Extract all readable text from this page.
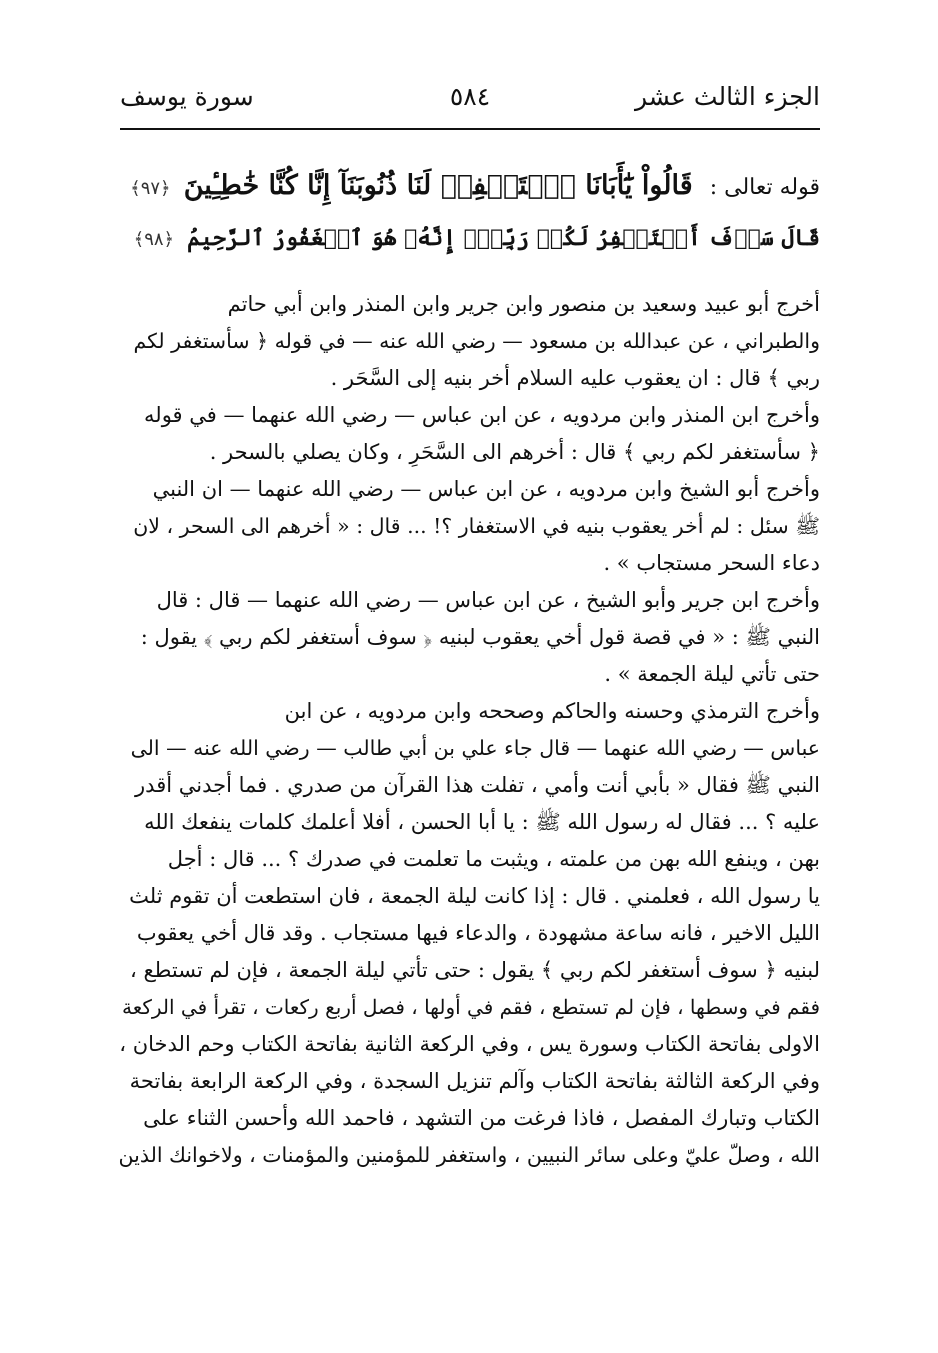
الجزء الثالث عشر
٥٨٤
سورة يوسف
قوله تعالى : قَالُواْ يَٰٓأَبَانَا ٱسۡتَغۡفِرۡ لَنَا ذُنُوبَنَآ إِنَّا كُنَّا خَٰطِـِٔينَ ﴿٩٧﴾
قَالَ سَوۡفَ أَسۡتَغۡفِرُ لَكُمۡ رَبِّيٓۖ إِنَّهُۥ هُوَ ٱلۡغَفُورُ ٱلرَّحِيمُ ﴿٩٨﴾
أخرج أبو عبيد وسعيد بن منصور وابن جرير وابن المنذر وابن أبي حاتم
والطبراني ، عن عبدالله بن مسعود — رضي الله عنه — في قوله ﴿ سأستغفر لكم
ربي ﴾ قال : ان يعقوب عليه السلام أخر بنيه إلى السَّحَر .
وأخرج ابن المنذر وابن مردويه ، عن ابن عباس — رضي الله عنهما — في قوله
﴿ سأستغفر لكم ربي ﴾ قال : أخرهم الى السَّحَرِ ، وكان يصلي بالسحر .
وأخرج أبو الشيخ وابن مردويه ، عن ابن عباس — رضي الله عنهما — ان النبي
ﷺ سئل : لم أخر يعقوب بنيه في الاستغفار ؟! ... قال : « أخرهم الى السحر ، لان
دعاء السحر مستجاب » .
وأخرج ابن جرير وأبو الشيخ ، عن ابن عباس — رضي الله عنهما — قال : قال
النبي ﷺ : « في قصة قول أخي يعقوب لبنيه ﴿ سوف أستغفر لكم ربي ﴾ يقول :
حتى تأتي ليلة الجمعة » .
وأخرج الترمذي وحسنه والحاكم وصححه وابن مردويه ، عن ابن
عباس — رضي الله عنهما — قال جاء علي بن أبي طالب — رضي الله عنه — الى
النبي ﷺ فقال « بأبي أنت وأمي ، تفلت هذا القرآن من صدري . فما أجدني أقدر
عليه ؟ ... فقال له رسول الله ﷺ : يا أبا الحسن ، أفلا أعلمك كلمات ينفعك الله
بهن ، وينفع الله بهن من علمته ، ويثبت ما تعلمت في صدرك ؟ ... قال : أجل
يا رسول الله ، فعلمني . قال : إذا كانت ليلة الجمعة ، فان استطعت أن تقوم ثلث
الليل الاخير ، فانه ساعة مشهودة ، والدعاء فيها مستجاب . وقد قال أخي يعقوب
لبنيه ﴿ سوف أستغفر لكم ربي ﴾ يقول : حتى تأتي ليلة الجمعة ، فإن لم تستطع ،
فقم في وسطها ، فإن لم تستطع ، فقم في أولها ، فصل أربع ركعات ، تقرأ في الركعة
الاولى بفاتحة الكتاب وسورة يس ، وفي الركعة الثانية بفاتحة الكتاب وحم الدخان ،
وفي الركعة الثالثة بفاتحة الكتاب وآلم تنزيل السجدة ، وفي الركعة الرابعة بفاتحة
الكتاب وتبارك المفصل ، فاذا فرغت من التشهد ، فاحمد الله وأحسن الثناء على
الله ، وصلّ عليّ وعلى سائر النبيين ، واستغفر للمؤمنين والمؤمنات ، ولاخوانك الذين
